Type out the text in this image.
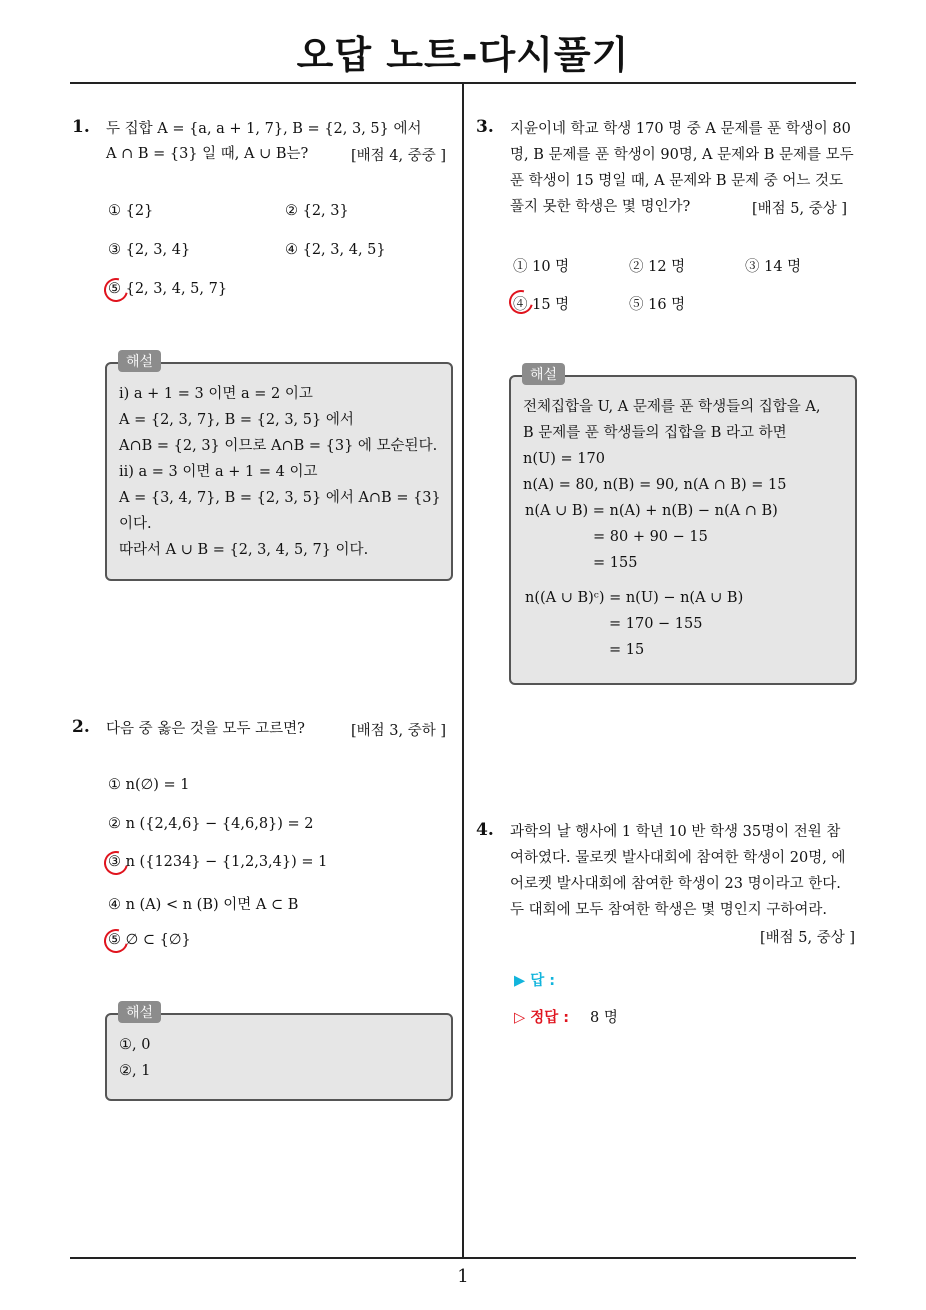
오답 노트-다시풀기
1
1. 두 집합 A = {a, a + 1, 7}, B = {2, 3, 5} 에서
A ∩ B = {3} 일 때, A ∪ B는?	[배점 4, 중중 ]
① {2}	② {2, 3}
③ {2, 3, 4}	④ {2, 3, 4, 5}
⑤ {2, 3, 4, 5, 7}
ⅰ) a + 1 = 3 이면 a = 2 이고
A = {2, 3, 7}, B = {2, 3, 5} 에서
A∩B = {2, 3} 이므로 A∩B = {3} 에 모순된다.
ⅱ) a = 3 이면 a + 1 = 4 이고
A = {3, 4, 7}, B = {2, 3, 5} 에서 A∩B = {3}
이다.
따라서 A ∪ B = {2, 3, 4, 5, 7} 이다.
해설
2. 다음 중 옳은 것을 모두 고르면?	[배점 3, 중하 ]
① n(∅) = 1
② n ({2,4,6} − {4,6,8}) = 2
③ n ({1234} − {1,2,3,4}) = 1
④ n (A) < n (B) 이면 A ⊂ B
⑤ ∅ ⊂ {∅}
①, 0
②, 1
해설
3. 지윤이네 학교 학생 170 명 중 A 문제를 푼 학생이 80
명, B 문제를 푼 학생이 90명, A 문제와 B 문제를 모두
푼 학생이 15 명일 때, A 문제와 B 문제 중 어느 것도
풀지 못한 학생은 몇 명인가?	[배점 5, 중상 ]
① 10 명	② 12 명	③ 14 명
④ 15 명	⑤ 16 명
전체집합을 U, A 문제를 푼 학생들의 집합을 A,
B 문제를 푼 학생들의 집합을 B 라고 하면
n(U) = 170
n(A) = 80, n(B) = 90, n(A ∩ B) = 15
n(A ∪ B) = n(A) + n(B) − n(A ∩ B)
= 80 + 90 − 15
= 155
n((A ∪ B)ᶜ) = n(U) − n(A ∪ B)
= 170 − 155
= 15
해설
4. 과학의 날 행사에 1 학년 10 반 학생 35명이 전원 참
여하였다. 물로켓 발사대회에 참여한 학생이 20명, 에
어로켓 발사대회에 참여한 학생이 23 명이라고 한다.
두 대회에 모두 참여한 학생은 몇 명인지 구하여라.
[배점 5, 중상 ]
▶ 답 :
▷ 정답 : 8 명
